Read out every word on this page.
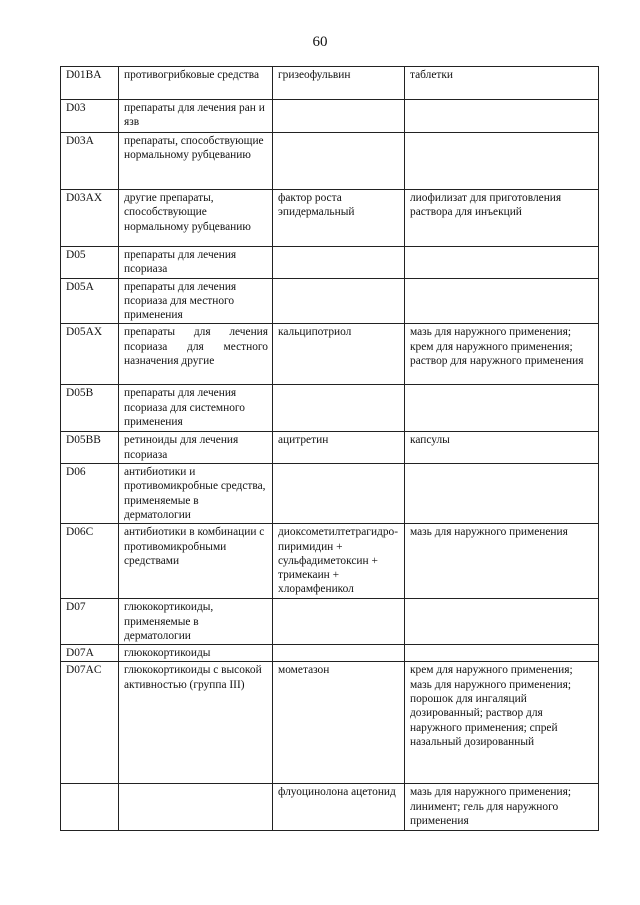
60
D01BA	противогрибковые средства	гризеофульвин	таблетки
D03	препараты для лечения ран и язв		
D03A	препараты, способствующие нормальному рубцеванию		
D03AX	другие препараты, способствующие нормальному рубцеванию	фактор роста эпидермальный	лиофилизат для приготовления раствора для инъекций
D05	препараты для лечения псориаза		
D05A	препараты для лечения псориаза для местного применения		
D05AX	препараты для лечения псориаза для местного назначения другие	кальципотриол	мазь для наружного применения; крем для наружного применения; раствор для наружного применения
D05B	препараты для лечения псориаза для системного применения		
D05BB	ретиноиды для лечения псориаза	ацитретин	капсулы
D06	антибиотики и противомикробные средства, применяемые в дерматологии		
D06C	антибиотики в комбинации с противомикробными средствами	диоксометилтетрагидро-пиримидин + сульфадиметоксин + тримекаин + хлорамфеникол	мазь для наружного применения
D07	глюкокортикоиды, применяемые в дерматологии		
D07A	глюкокортикоиды		
D07AC	глюкокортикоиды с высокой активностью (группа III)	мометазон	крем для наружного применения; мазь для наружного применения; порошок для ингаляций дозированный; раствор для наружного применения; спрей назальный дозированный
		флуоцинолона ацетонид	мазь для наружного применения; линимент; гель для наружного применения
